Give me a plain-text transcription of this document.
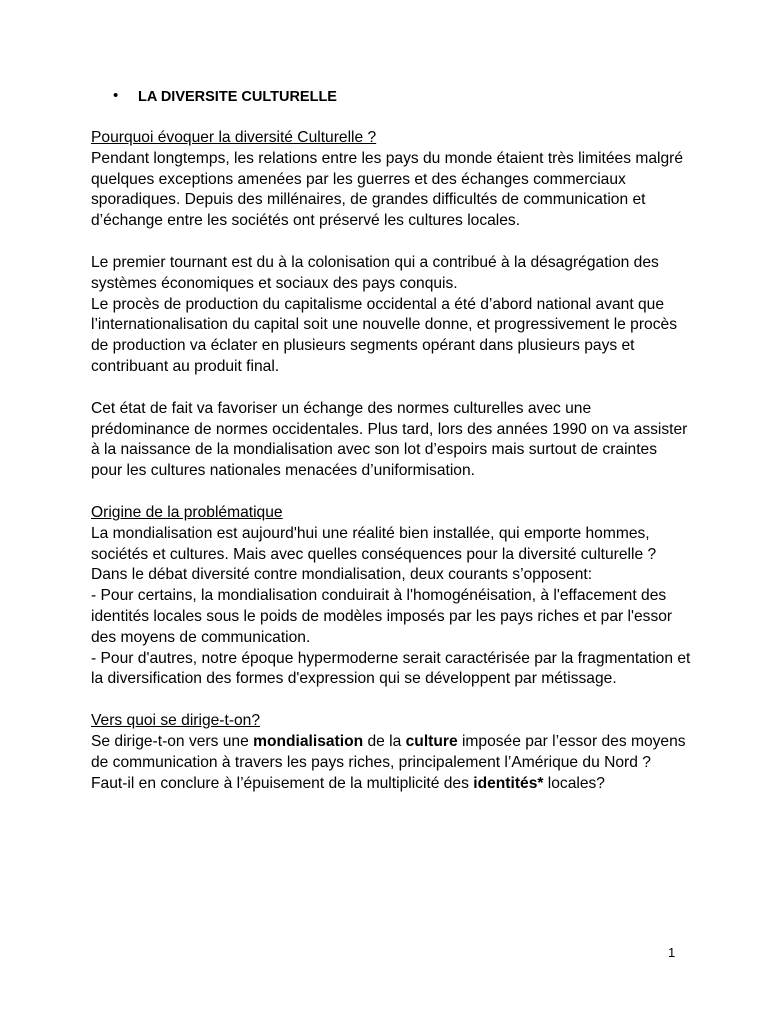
• LA DIVERSITE CULTURELLE

Pourquoi évoquer la diversité Culturelle ?

Pendant longtemps, les relations entre les pays du monde étaient très limitées malgré quelques exceptions amenées par les guerres et des échanges commerciaux sporadiques. Depuis des millénaires, de grandes difficultés de communication et d’échange entre les sociétés ont préservé les cultures locales.

Le premier tournant est du à la colonisation qui a contribué à la désagrégation des systèmes économiques et sociaux des pays conquis.

Le procès de production du capitalisme occidental a été d’abord national avant que l’internationalisation du capital soit une nouvelle donne, et progressivement le procès de production va éclater en plusieurs segments opérant dans plusieurs pays et contribuant au produit final.

Cet état de fait va favoriser un échange des normes culturelles avec une prédominance de normes occidentales. Plus tard, lors des années 1990 on va assister à la naissance de la mondialisation avec son lot d’espoirs mais surtout de craintes pour les cultures nationales menacées d’uniformisation.

Origine de la problématique

La mondialisation est aujourd'hui une réalité bien installée, qui emporte hommes, sociétés et cultures. Mais avec quelles conséquences pour la diversité culturelle ?

Dans le débat diversité contre mondialisation, deux courants s’opposent:

- Pour certains, la mondialisation conduirait à l'homogénéisation, à l'effacement des identités locales sous le poids de modèles imposés par les pays riches et par l'essor des moyens de communication.

- Pour d'autres, notre époque hypermoderne serait caractérisée par la fragmentation et la diversification des formes d'expression qui se développent par métissage.

Vers quoi se dirige-t-on?

Se dirige-t-on vers une mondialisation de la culture imposée par l’essor des moyens de communication à travers les pays riches, principalement l’Amérique du Nord ? Faut-il en conclure à l’épuisement de la multiplicité des identités* locales?

1
